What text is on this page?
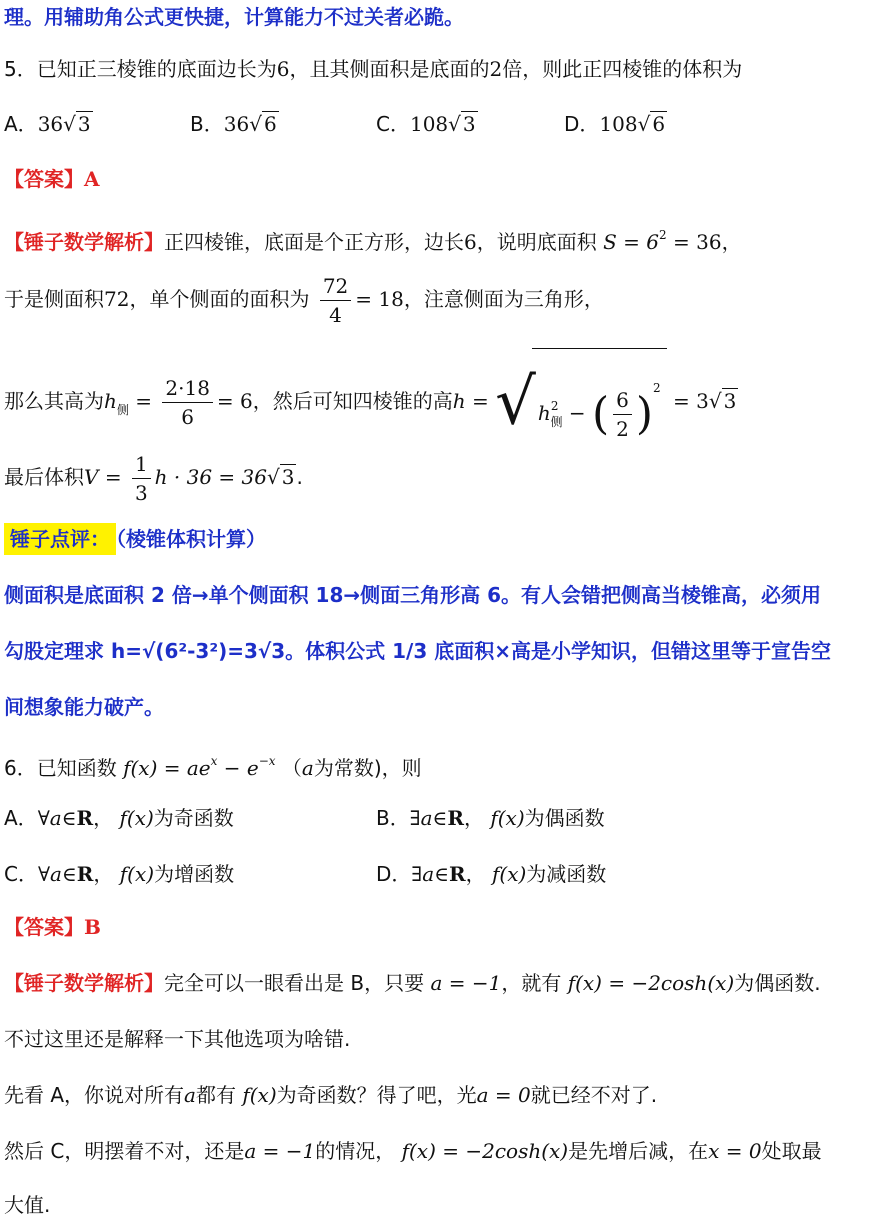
理。用辅助角公式更快捷，计算能力不过关者必跪。
5．已知正三棱锥的底面边长为6，且其侧面积是底面的2倍，则此正四棱锥的体积为
A．36√ 3	B．36√ 6	C．108√ 3	D．108√ 6
【答案】A
【锤子数学解析】正四棱锥，底面是个正方形，边长6，说明底面积 $S = 6^2 = 36$，
于是侧面积72，单个侧面的面积为 $\frac{72}{4} = 18$，注意侧面为三角形，
那么其高为$h_侧 = \frac{2\cdot 18}{6} = 6$，然后可知四棱锥的高h = √ $h^2_侧$ − ( $\frac{6}{2} )^2 = 3√$ 3
最后体积$V = \frac{1}{3}$ h · 36 = 36√ 3 .
锤子点评： （棱锥体积计算）
侧面积是底面积 2 倍→单个侧面积 18→侧面三角形高 6。有人会错把侧高当棱锥高，必须用
勾股定理求 h=√(6²-3²)=3√3。体积公式 1/3 底面积×高是小学知识，但错这里等于宣告空
间想象能力破产。
6．已知函数 $f(x) = ae^x - e^{-x}$ （a为常数)，则
A．∀a∈R， f(x)为奇函数	B．∃a∈R， f(x)为偶函数
C．∀a∈R， f(x)为增函数	D．∃a∈R， f(x)为减函数
【答案】B
【锤子数学解析】完全可以一眼看出是 B，只要 a = −1，就有 f(x) = −2cosh(x)为偶函数.
不过这里还是解释一下其他选项为啥错.
先看 A，你说对所有a都有 f(x)为奇函数？得了吧，光a = 0就已经不对了.
然后 C，明摆着不对，还是a = −1的情况， f(x) = −2cosh(x)是先增后减，在x = 0处取最
大值.
